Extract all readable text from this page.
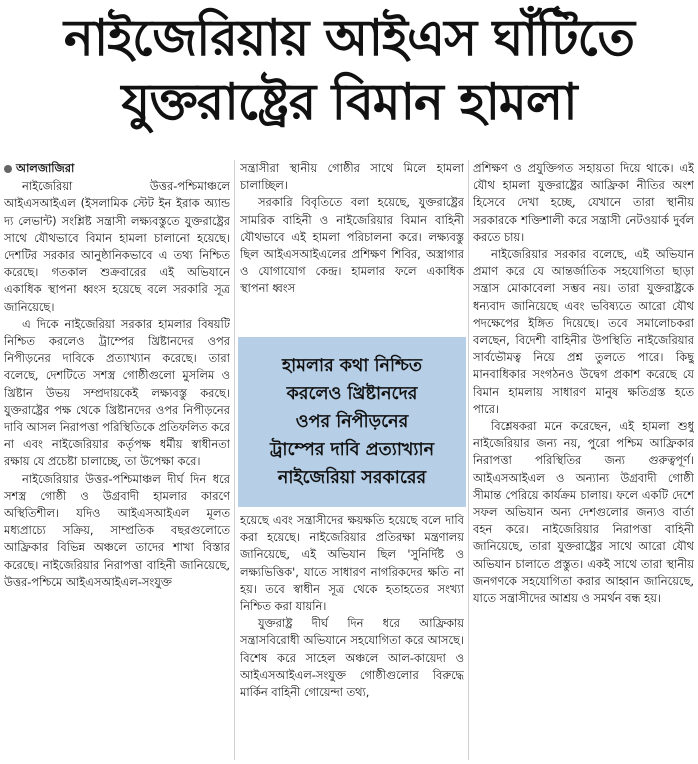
নাইজেরিয়ায় আইএস ঘাঁটিতে
যুক্তরাষ্ট্রের বিমান হামলা
আলজাজিরা

নাইজেরিয়া উত্তর-পশ্চিমাঞ্চলে আইএসআইএল (ইসলামিক স্টেট ইন ইরাক অ্যান্ড দ্য লেভান্ট) সংশ্লিষ্ট সন্ত্রাসী লক্ষ্যবস্তুতে যুক্তরাষ্ট্রের সাথে যৌথভাবে বিমান হামলা চালানো হয়েছে। দেশটির সরকার আনুষ্ঠানিকভাবে এ তথ্য নিশ্চিত করেছে। গতকাল শুক্রবারের এই অভিযানে একাধিক স্থাপনা ধ্বংস হয়েছে বলে সরকারি সূত্র জানিয়েছে।

এ দিকে নাইজেরিয়া সরকার হামলার বিষয়টি নিশ্চিত করলেও ট্রাম্পের খ্রিষ্টানদের ওপর নিপীড়নের দাবিকে প্রত্যাখ্যান করেছে। তারা বলেছে, দেশটিতে সশস্ত্র গোষ্ঠীগুলো মুসলিম ও খ্রিষ্টান উভয় সম্প্রদায়কেই লক্ষ্যবস্তু করছে। যুক্তরাষ্ট্রের পক্ষ থেকে খ্রিষ্টানদের ওপর নিপীড়নের দাবি আসল নিরাপত্তা পরিস্থিতিকে প্রতিফলিত করে না এবং নাইজেরিয়ার কর্তৃপক্ষ ধর্মীয় স্বাধীনতা রক্ষায় যে প্রচেষ্টা চালাচ্ছে, তা উপেক্ষা করে।

নাইজেরিয়ার উত্তর-পশ্চিমাঞ্চল দীর্ঘ দিন ধরে সশস্ত্র গোষ্ঠী ও উগ্রবাদী হামলার কারণে অস্থিতিশীল। যদিও আইএসআইএল মূলত মধ্যপ্রাচ্যে সক্রিয়, সাম্প্রতিক বছরগুলোতে আফ্রিকার বিভিন্ন অঞ্চলে তাদের শাখা বিস্তার করেছে। নাইজেরিয়ার নিরাপত্তা বাহিনী জানিয়েছে, উত্তর-পশ্চিমে আইএসআইএল-সংযুক্ত

সন্ত্রাসীরা স্থানীয় গোষ্ঠীর সাথে মিলে হামলা চালাচ্ছিল।

সরকারি বিবৃতিতে বলা হয়েছে, যুক্তরাষ্ট্রের সামরিক বাহিনী ও নাইজেরিয়ার বিমান বাহিনী যৌথভাবে এই হামলা পরিচালনা করে। লক্ষ্যবস্তু ছিল আইএসআইএলের প্রশিক্ষণ শিবির, অস্ত্রাগার ও যোগাযোগ কেন্দ্র। হামলার ফলে একাধিক স্থাপনা ধ্বংস

হামলার কথা নিশ্চিত
করলেও খ্রিষ্টানদের
ওপর নিপীড়নের
ট্রাম্পের দাবি প্রত্যাখ্যান
নাইজেরিয়া সরকারের

হয়েছে এবং সন্ত্রাসীদের ক্ষয়ক্ষতি হয়েছে বলে দাবি করা হয়েছে। নাইজেরিয়ার প্রতিরক্ষা মন্ত্রণালয় জানিয়েছে, এই অভিযান ছিল 'সুনির্দিষ্ট ও লক্ষ্যভিত্তিক', যাতে সাধারণ নাগরিকদের ক্ষতি না হয়। তবে স্বাধীন সূত্র থেকে হতাহতের সংখ্যা নিশ্চিত করা যায়নি।

যুক্তরাষ্ট্র দীর্ঘ দিন ধরে আফ্রিকায় সন্ত্রাসবিরোধী অভিযানে সহযোগিতা করে আসছে। বিশেষ করে সাহেল অঞ্চলে আল-কায়েদা ও আইএসআইএল-সংযুক্ত গোষ্ঠীগুলোর বিরুদ্ধে মার্কিন বাহিনী গোয়েন্দা তথ্য,

প্রশিক্ষণ ও প্রযুক্তিগত সহায়তা দিয়ে থাকে। এই যৌথ হামলা যুক্তরাষ্ট্রের আফ্রিকা নীতির অংশ হিসেবে দেখা হচ্ছে, যেখানে তারা স্থানীয় সরকারকে শক্তিশালী করে সন্ত্রাসী নেটওয়ার্ক দুর্বল করতে চায়।

নাইজেরিয়ার সরকার বলেছে, এই অভিযান প্রমাণ করে যে আন্তর্জাতিক সহযোগিতা ছাড়া সন্ত্রাস মোকাবেলা সম্ভব নয়। তারা যুক্তরাষ্ট্রকে ধন্যবাদ জানিয়েছে এবং ভবিষ্যতে আরো যৌথ পদক্ষেপের ইঙ্গিত দিয়েছে। তবে সমালোচকরা বলছেন, বিদেশী বাহিনীর উপস্থিতি নাইজেরিয়ার সার্বভৌমত্ব নিয়ে প্রশ্ন তুলতে পারে। কিছু মানবাধিকার সংগঠনও উদ্বেগ প্রকাশ করেছে যে বিমান হামলায় সাধারণ মানুষ ক্ষতিগ্রস্ত হতে পারে।

বিশ্লেষকরা মনে করেছেন, এই হামলা শুধু নাইজেরিয়ার জন্য নয়, পুরো পশ্চিম আফ্রিকার নিরাপত্তা পরিস্থিতির জন্য গুরুত্বপূর্ণ। আইএসআইএল ও অন্যান্য উগ্রবাদী গোষ্ঠী সীমান্ত পেরিয়ে কার্যক্রম চালায়। ফলে একটি দেশে সফল অভিযান অন্য দেশগুলোর জন্যও বার্তা বহন করে। নাইজেরিয়ার নিরাপত্তা বাহিনী জানিয়েছে, তারা যুক্তরাষ্ট্রের সাথে আরো যৌথ অভিযান চালাতে প্রস্তুত। একই সাথে তারা স্থানীয় জনগণকে সহযোগিতা করার আহ্বান জানিয়েছে, যাতে সন্ত্রাসীদের আশ্রয় ও সমর্থন বন্ধ হয়।
